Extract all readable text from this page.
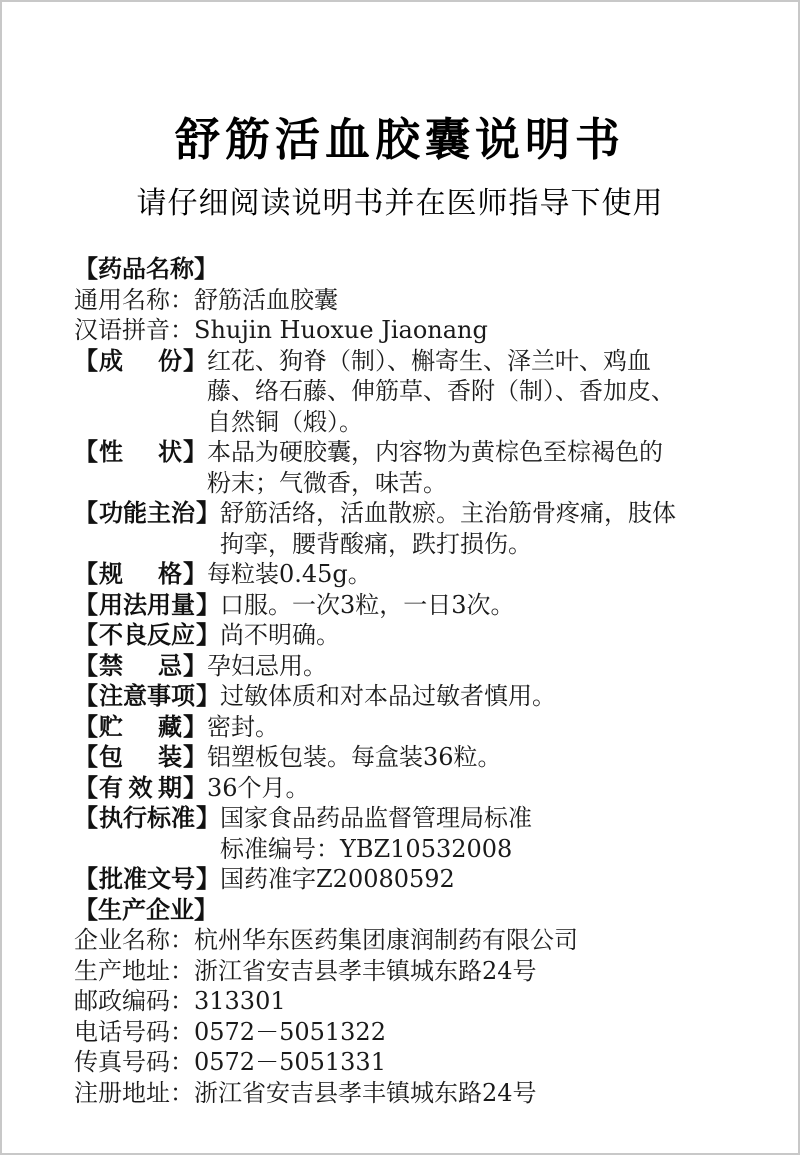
舒筋活血胶囊说明书
请仔细阅读说明书并在医师指导下使用
【药品名称】
通用名称：舒筋活血胶囊
汉语拼音：Shujin Huoxue Jiaonang
【 成 份 】 红花、狗脊（制）、槲寄生、泽兰叶、鸡血
藤、络石藤、伸筋草、香附（制）、香加皮、
自然铜（煅）。
【 性 状 】 本品为硬胶囊，内容物为黄棕色至棕褐色的
粉末；气微香，味苦。
【 功 能 主 治 】 舒筋活络，活血散瘀。主治筋骨疼痛，肢体
拘挛，腰背酸痛，跌打损伤。
【 规 格 】 每粒装0.45g。
【 用 法 用 量 】 口服。一次3粒，一日3次。
【 不 良 反 应 】 尚不明确。
【 禁 忌 】 孕妇忌用。
【 注 意 事 项 】 过敏体质和对本品过敏者慎用。
【 贮 藏 】 密封。
【 包 装 】 铝塑板包装。每盒装36粒。
【 有 效 期 】 36个月。
【 执 行 标 准 】 国家食品药品监督管理局标准
标准编号：YBZ10532008
【 批 准 文 号 】 国药准字Z20080592
【生产企业】
企业名称：杭州华东医药集团康润制药有限公司
生产地址：浙江省安吉县孝丰镇城东路24号
邮政编码：313301
电话号码：0572－5051322
传真号码：0572－5051331
注册地址：浙江省安吉县孝丰镇城东路24号
